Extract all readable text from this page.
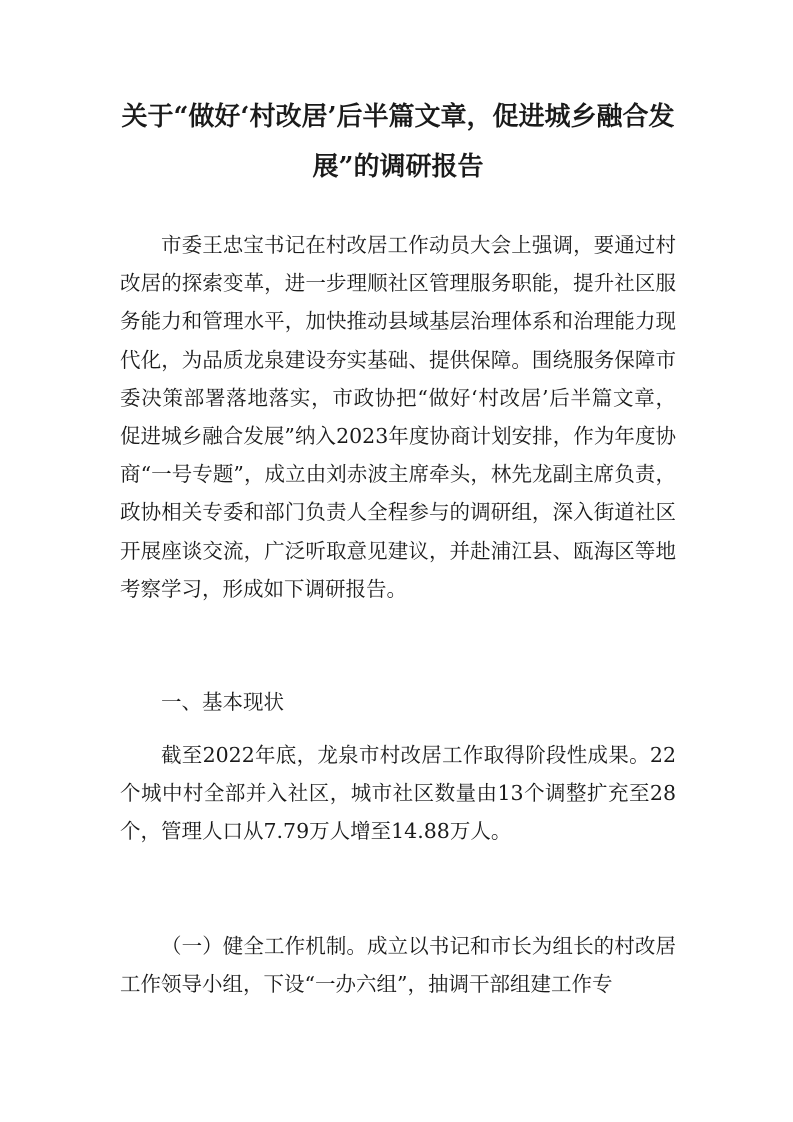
关于“做好‘村改居’后半篇文章，促进城乡融合发展”的调研报告

市委王忠宝书记在村改居工作动员大会上强调，要通过村改居的探索变革，进一步理顺社区管理服务职能，提升社区服务能力和管理水平，加快推动县域基层治理体系和治理能力现代化，为品质龙泉建设夯实基础、提供保障。围绕服务保障市委决策部署落地落实，市政协把“做好‘村改居’后半篇文章，促进城乡融合发展”纳入2023年度协商计划安排，作为年度协商“一号专题”，成立由刘赤波主席牵头，林先龙副主席负责，政协相关专委和部门负责人全程参与的调研组，深入街道社区开展座谈交流，广泛听取意见建议，并赴浦江县、瓯海区等地考察学习，形成如下调研报告。

一、基本现状

截至2022年底，龙泉市村改居工作取得阶段性成果。22个城中村全部并入社区，城市社区数量由13个调整扩充至28个，管理人口从7.79万人增至14.88万人。

（一）健全工作机制。成立以书记和市长为组长的村改居工作领导小组，下设“一办六组”，抽调干部组建工作专
